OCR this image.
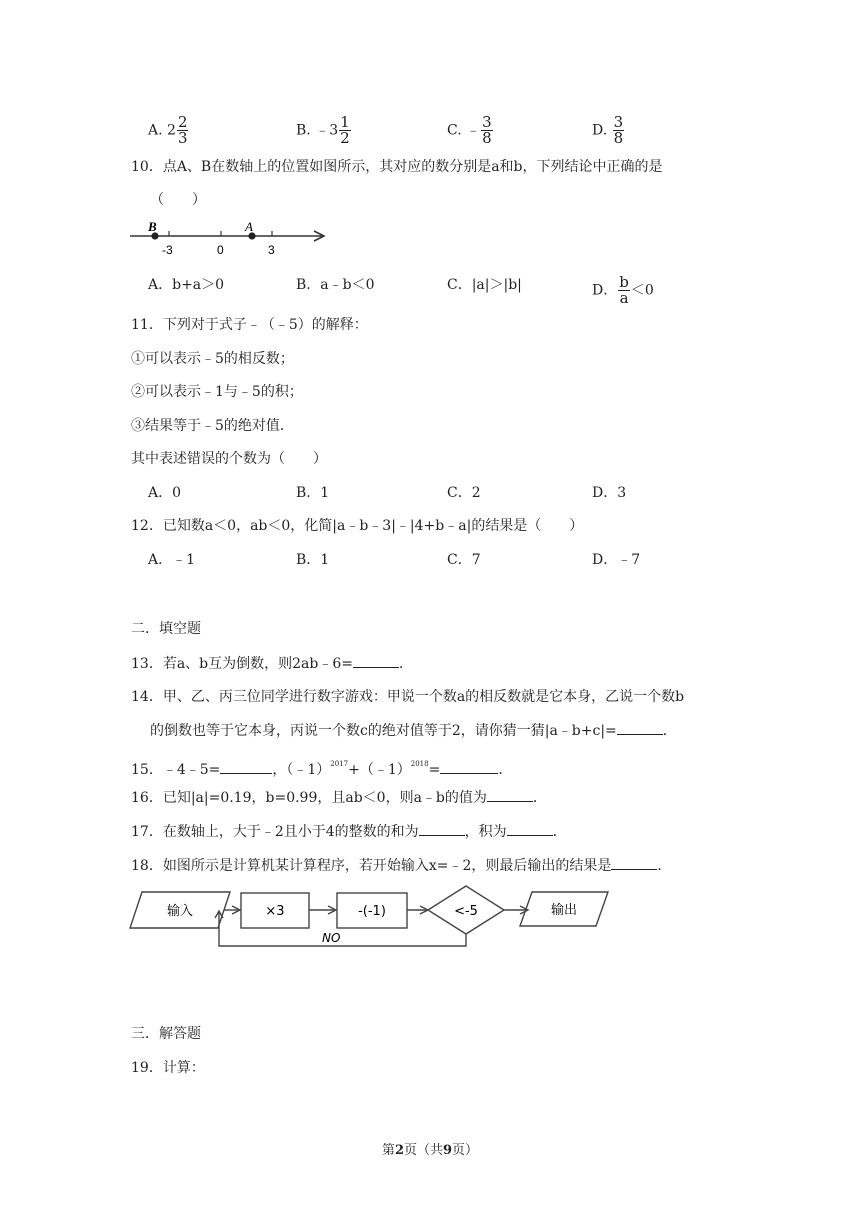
A. $2 \frac{2}{3}$	B. ﹣3 $\frac{1}{2}$	C. ﹣ $\frac{3}{8}$	D. $\frac{3}{8}$
10．点A、B在数轴上的位置如图所示，其对应的数分别是a和b，下列结论中正确的是
（　　）
B	A
-3	0	3
A．b+a＞0	B．a﹣b＜0	C．|a|＞|b|	D． $\frac{b}{a} <0$
11．下列对于式子﹣（﹣5）的解释：
①可以表示﹣5的相反数；
②可以表示﹣1与﹣5的积；
③结果等于﹣5的绝对值．
其中表述错误的个数为（　　）
A．0	B．1	C．2	D．3
12．已知数a＜0，ab＜0，化简|a﹣b﹣3|﹣|4+b﹣a|的结果是（　　）
A．﹣1	B．1	C．7	D．﹣7
二．填空题
13．若a、b互为倒数，则2ab﹣6=	．
14．甲、乙、丙三位同学进行数字游戏：甲说一个数a的相反数就是它本身，乙说一个数b
的倒数也等于它本身，丙说一个数c的绝对值等于2，请你猜一猜|a﹣b+c|=	．
15．﹣4﹣5=	，（﹣1）$^{2017}$+（﹣1）$^{2018}$=	．
16．已知|a|=0.19，b=0.99，且ab＜0，则a﹣b的值为	．
17．在数轴上，大于﹣2且小于4的整数的和为	，积为	．
18．如图所示是计算机某计算程序，若开始输入x=﹣2，则最后输出的结果是	．
输入	×3	-(-1)	<-5	输出
NO
三．解答题
19．计算：
第2页（共9页）
